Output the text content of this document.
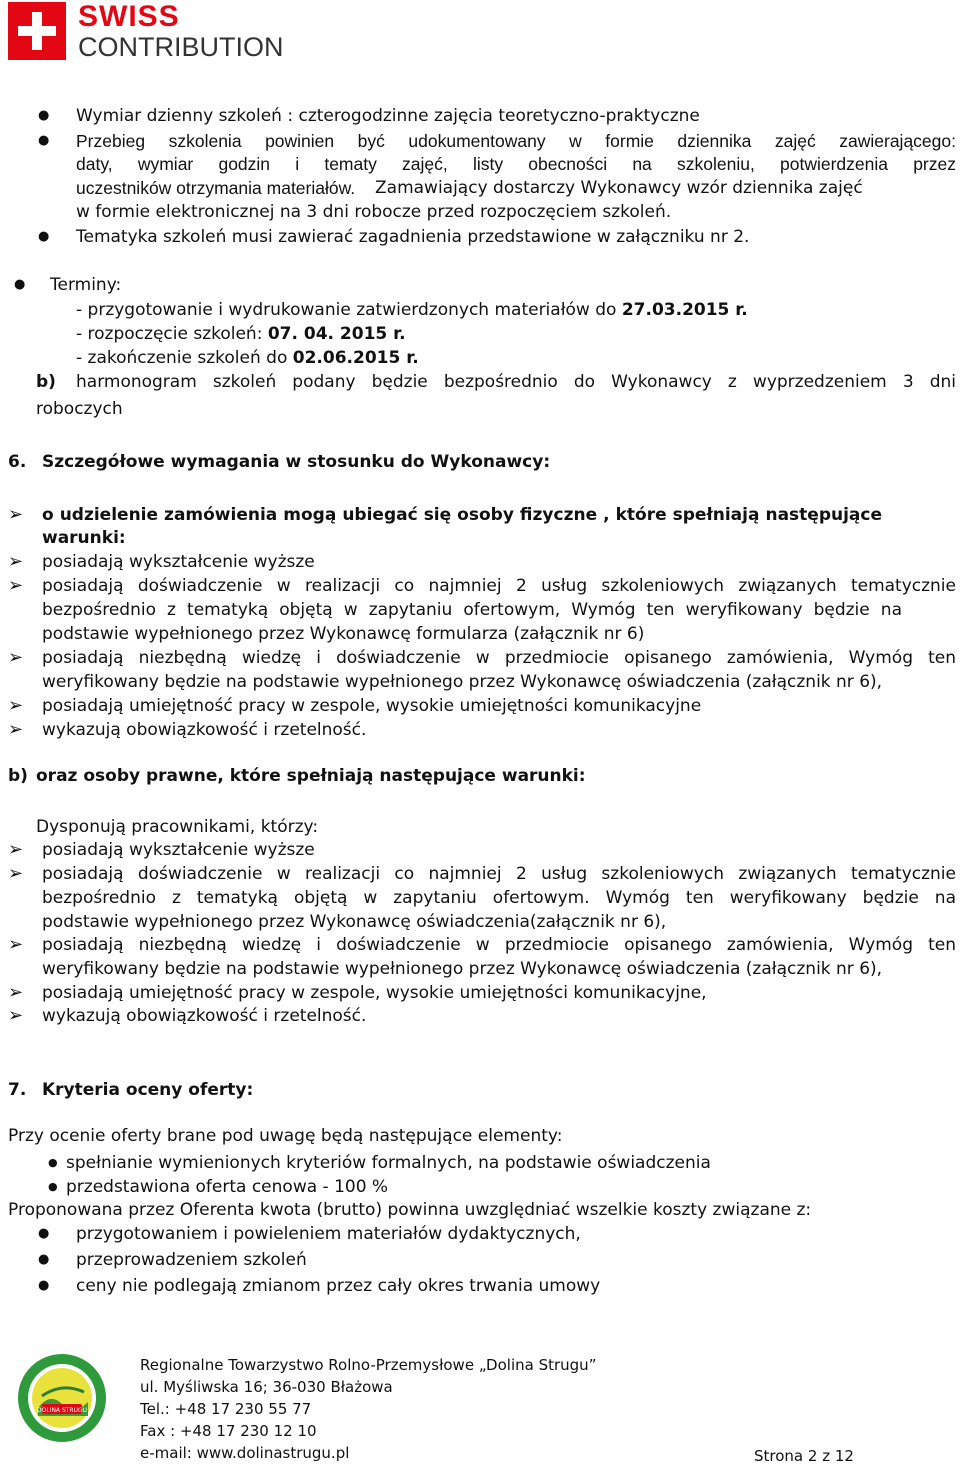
SWISS
CONTRIBUTION
● Wymiar dzienny szkoleń : czterogodzinne zajęcia teoretyczno-praktyczne
● Przebieg szkolenia powinien być udokumentowany w formie dziennika zajęć zawierającego:
daty, wymiar godzin i tematy zajęć, listy obecności na szkoleniu, potwierdzenia przez
uczestników otrzymania materiałów. Zamawiający dostarczy Wykonawcy wzór dziennika zajęć
w formie elektronicznej na 3 dni robocze przed rozpoczęciem szkoleń.
● Tematyka szkoleń musi zawierać zagadnienia przedstawione w załączniku nr 2.
● Terminy:
- przygotowanie i wydrukowanie zatwierdzonych materiałów do 27.03.2015 r.
- rozpoczęcie szkoleń: 07. 04. 2015 r.
- zakończenie szkoleń do 02.06.2015 r.
b) harmonogram szkoleń podany będzie bezpośrednio do Wykonawcy z wyprzedzeniem 3 dni
roboczych
6. Szczegółowe wymagania w stosunku do Wykonawcy:
➢ o udzielenie zamówienia mogą ubiegać się osoby fizyczne , które spełniają następujące
warunki:
➢ posiadają wykształcenie wyższe
➢ posiadają doświadczenie w realizacji co najmniej 2 usług szkoleniowych związanych tematycznie
bezpośrednio z tematyką objętą w zapytaniu ofertowym, Wymóg ten weryfikowany będzie na
podstawie wypełnionego przez Wykonawcę formularza (załącznik nr 6)
➢ posiadają niezbędną wiedzę i doświadczenie w przedmiocie opisanego zamówienia, Wymóg ten
weryfikowany będzie na podstawie wypełnionego przez Wykonawcę oświadczenia (załącznik nr 6),
➢ posiadają umiejętność pracy w zespole, wysokie umiejętności komunikacyjne
➢ wykazują obowiązkowość i rzetelność.
b) oraz osoby prawne, które spełniają następujące warunki:
Dysponują pracownikami, którzy:
➢ posiadają wykształcenie wyższe
➢ posiadają doświadczenie w realizacji co najmniej 2 usług szkoleniowych związanych tematycznie
bezpośrednio z tematyką objętą w zapytaniu ofertowym. Wymóg ten weryfikowany będzie na
podstawie wypełnionego przez Wykonawcę oświadczenia(załącznik nr 6),
➢ posiadają niezbędną wiedzę i doświadczenie w przedmiocie opisanego zamówienia, Wymóg ten
weryfikowany będzie na podstawie wypełnionego przez Wykonawcę oświadczenia (załącznik nr 6),
➢ posiadają umiejętność pracy w zespole, wysokie umiejętności komunikacyjne,
➢ wykazują obowiązkowość i rzetelność.
7. Kryteria oceny oferty:
Przy ocenie oferty brane pod uwagę będą następujące elementy:
● spełnianie wymienionych kryteriów formalnych, na podstawie oświadczenia
● przedstawiona oferta cenowa - 100 %
Proponowana przez Oferenta kwota (brutto) powinna uwzględniać wszelkie koszty związane z:
● przygotowaniem i powieleniem materiałów dydaktycznych,
● przeprowadzeniem szkoleń
● ceny nie podlegają zmianom przez cały okres trwania umowy
DOLINA STRUGU
Regionalne Towarzystwo Rolno-Przemysłowe „Dolina Strugu”
ul. Myśliwska 16; 36-030 Błażowa
Tel.: +48 17 230 55 77
Fax : +48 17 230 12 10
e-mail: www.dolinastrugu.pl	Strona 2 z 12
